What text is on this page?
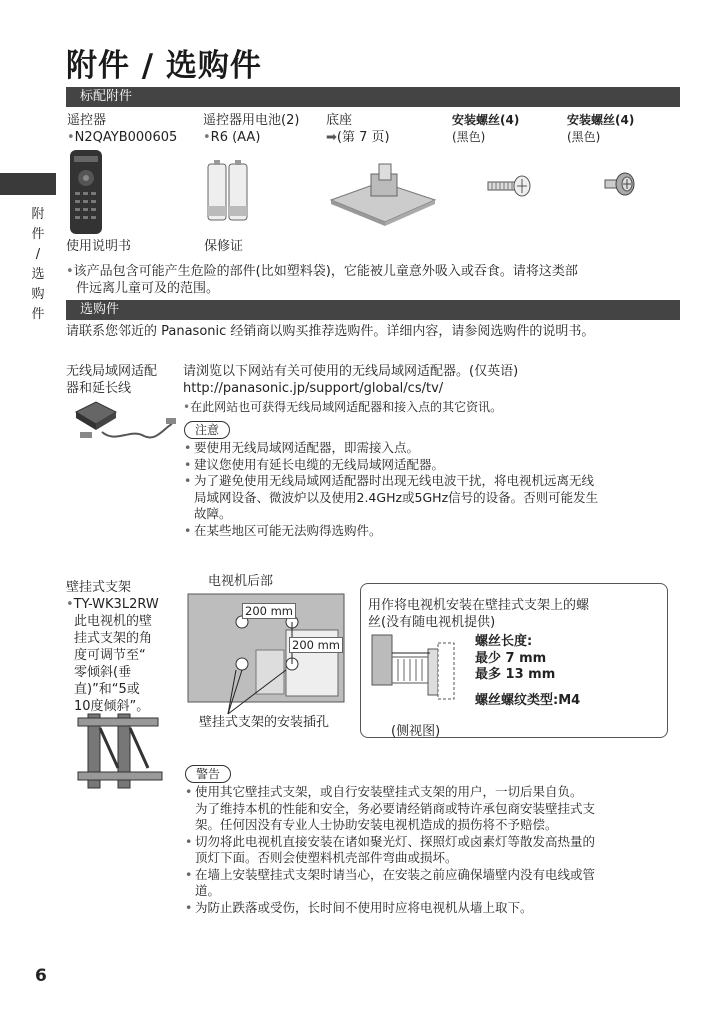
附件 / 选购件
附
件
/
选
购
件
标配附件
遥控器
•N2QAYB000605
遥控器用电池(2)
•R6 (AA)
底座
➡(第 7 页)
安装螺丝(4)
(黑色)
安装螺丝(4)
(黑色)
使用说明书	保修证
•该产品包含可能产生危险的部件(比如塑料袋)，它能被儿童意外吸入或吞食。请将这类部
件远离儿童可及的范围。
选购件
请联系您邻近的 Panasonic 经销商以购买推荐选购件。详细内容，请参阅选购件的说明书。
无线局域网适配
器和延长线
请浏览以下网站有关可使用的无线局域网适配器。(仅英语)
http://panasonic.jp/support/global/cs/tv/
•在此网站也可获得无线局域网适配器和接入点的其它资讯。
注意
• 要使用无线局域网适配器，即需接入点。
• 建议您使用有延长电缆的无线局域网适配器。
• 为了避免使用无线局域网适配器时出现无线电波干扰，将电视机远离无线
局域网设备、微波炉以及使用2.4GHz或5GHz信号的设备。否则可能发生
故障。
• 在某些地区可能无法购得选购件。
壁挂式支架
•TY-WK3L2RW
此电视机的壁
挂式支架的角
度可调节至“
零倾斜(垂
直)”和“5或
10度倾斜”。
电视机后部
200 mm
200 mm
壁挂式支架的安装插孔
用作将电视机安装在壁挂式支架上的螺
丝(没有随电视机提供)
螺丝长度:
最少 7 mm
最多 13 mm
螺丝螺纹类型:M4
(侧视图)
警告
• 使用其它壁挂式支架，或自行安装壁挂式支架的用户，一切后果自负。
为了维持本机的性能和安全，务必要请经销商或特许承包商安装壁挂式支
架。任何因没有专业人士协助安装电视机造成的损伤将不予赔偿。
• 切勿将此电视机直接安装在诸如聚光灯、探照灯或卤素灯等散发高热量的
顶灯下面。否则会使塑料机壳部件弯曲或损坏。
• 在墙上安装壁挂式支架时请当心，在安装之前应确保墙壁内没有电线或管
道。
• 为防止跌落或受伤，长时间不使用时应将电视机从墙上取下。
6
